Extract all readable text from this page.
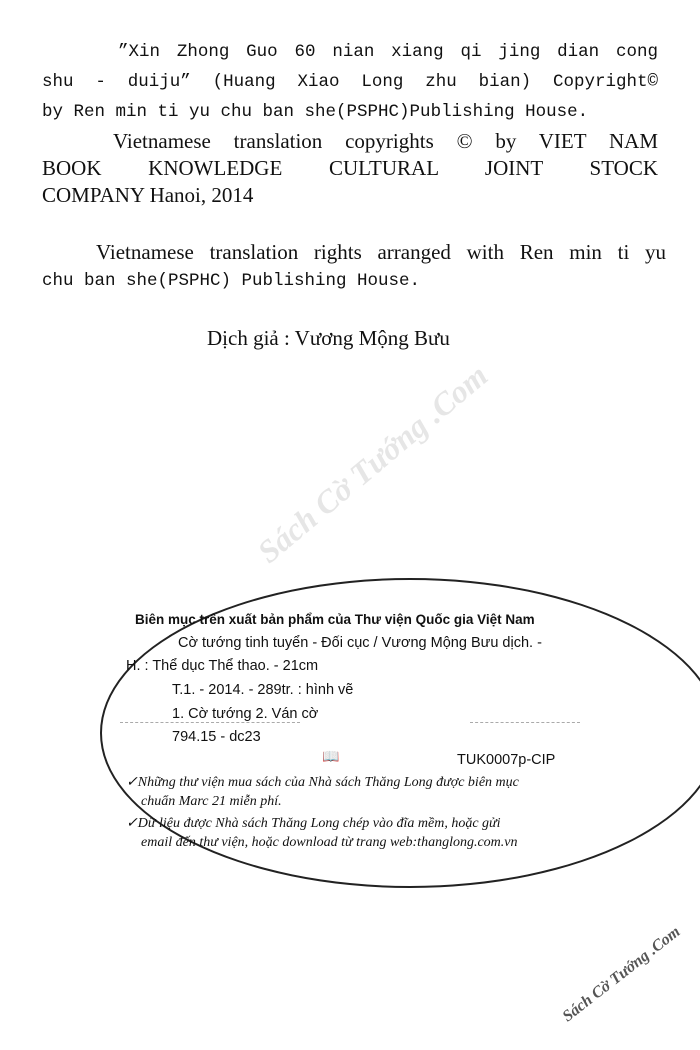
Sách Cờ Tướng .Com
Sách Cờ Tướng .Com
”Xin Zhong Guo 60 nian xiang qi jing dian cong
shu - duiju” (Huang Xiao Long zhu bian) Copyright©
by Ren min ti yu chu ban she(PSPHC)Publishing House.
Vietnamese translation copyrights © by VIET NAM
BOOK KNOWLEDGE CULTURAL JOINT STOCK
COMPANY Hanoi, 2014
Vietnamese translation rights arranged with Ren min ti yu
chu ban she(PSPHC) Publishing House.
Dịch giả : Vương Mộng Bưu
Biên mục trên xuất bản phẩm của Thư viện Quốc gia Việt Nam
Cờ tướng tinh tuyển - Đối cục / Vương Mộng Bưu dịch. -
H. : Thể dục Thể thao. - 21cm
T.1. - 2014. - 289tr. : hình vẽ
1. Cờ tướng 2. Ván cờ
794.15 - dc23
📖	TUK0007p-CIP
✓Những thư viện mua sách của Nhà sách Thăng Long được biên mục
chuẩn Marc 21 miễn phí.
✓Dữ liệu được Nhà sách Thăng Long chép vào đĩa mềm, hoặc gửi
email đến thư viện, hoặc download từ trang web:thanglong.com.vn
